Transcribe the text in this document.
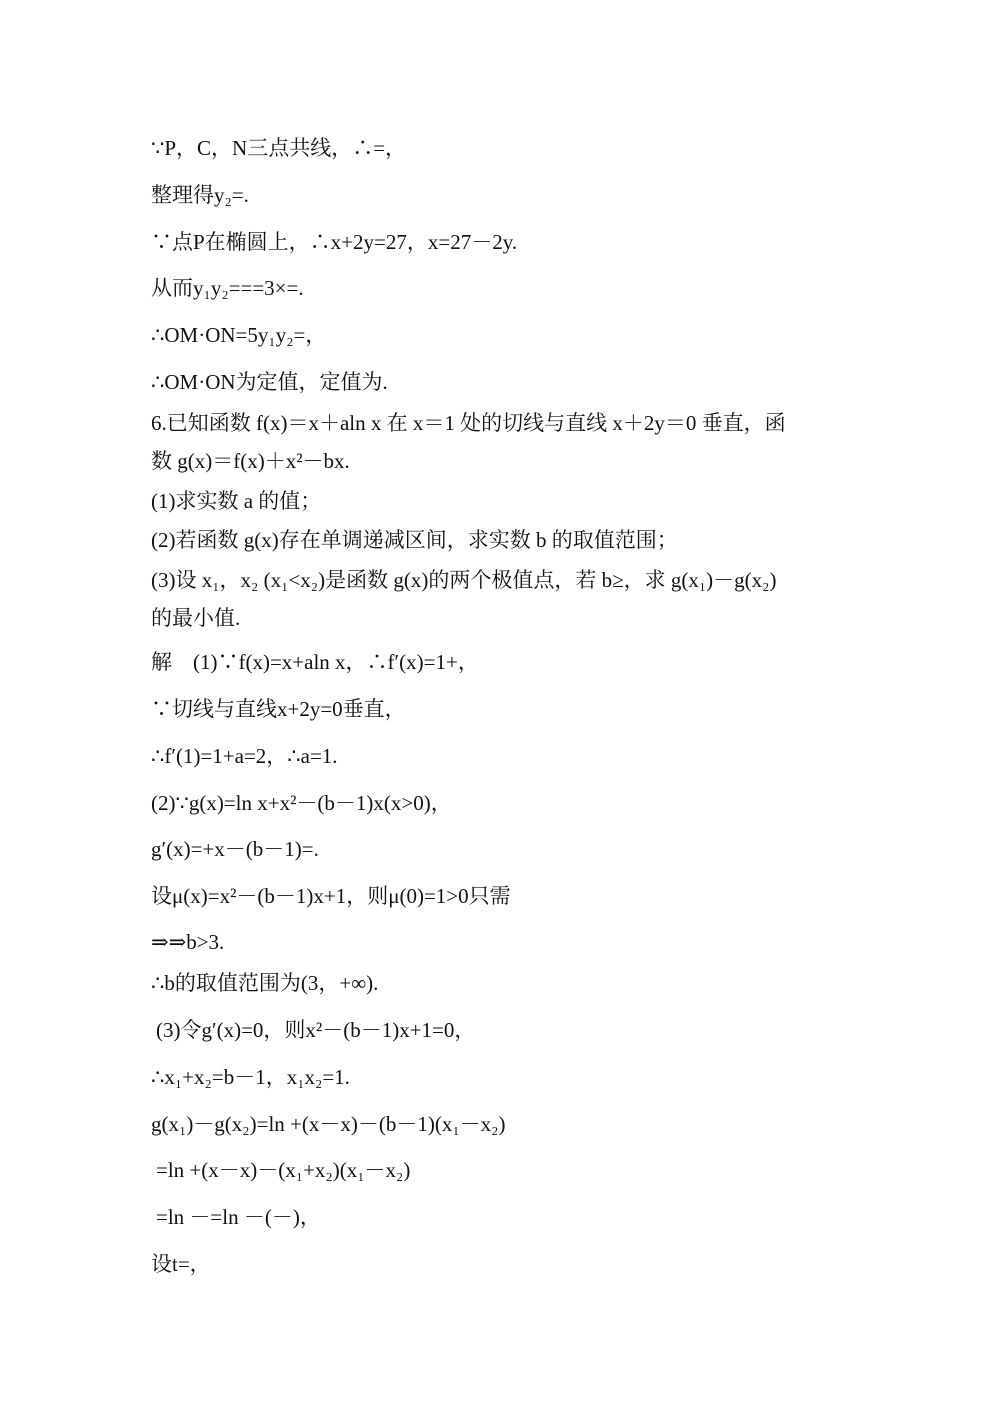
∵P，C，N三点共线，∴=，
整理得y₂=.
∵点P在椭圆上，∴x+2y=27，x=27－2y.
从而y₁y₂===3×=.
∴OM·ON=5y₁y₂=，
∴OM·ON为定值，定值为.
6.已知函数 f(x)＝x＋aln x 在 x＝1 处的切线与直线 x＋2y＝0 垂直，函
数 g(x)＝f(x)＋x²－bx.
(1)求实数 a 的值；
(2)若函数 g(x)存在单调递减区间，求实数 b 的取值范围；
(3)设 x₁，x₂ (x₁<x₂)是函数 g(x)的两个极值点，若 b≥，求 g(x₁)－g(x₂)
的最小值.
解　(1)∵f(x)=x+aln x，∴f′(x)=1+，
∵切线与直线x+2y=0垂直，
∴f′(1)=1+a=2，∴a=1.
(2)∵g(x)=ln x+x²－(b－1)x(x>0)，
g′(x)=+x－(b－1)=.
设μ(x)=x²－(b－1)x+1，则μ(0)=1>0只需
⇒⇒b>3.
∴b的取值范围为(3，+∞).
(3)令g′(x)=0，则x²－(b－1)x+1=0，
∴x₁+x₂=b－1，x₁x₂=1.
g(x₁)－g(x₂)=ln +(x－x)－(b－1)(x₁－x₂)
=ln +(x－x)－(x₁+x₂)(x₁－x₂)
=ln －=ln －(－)，
设t=，
